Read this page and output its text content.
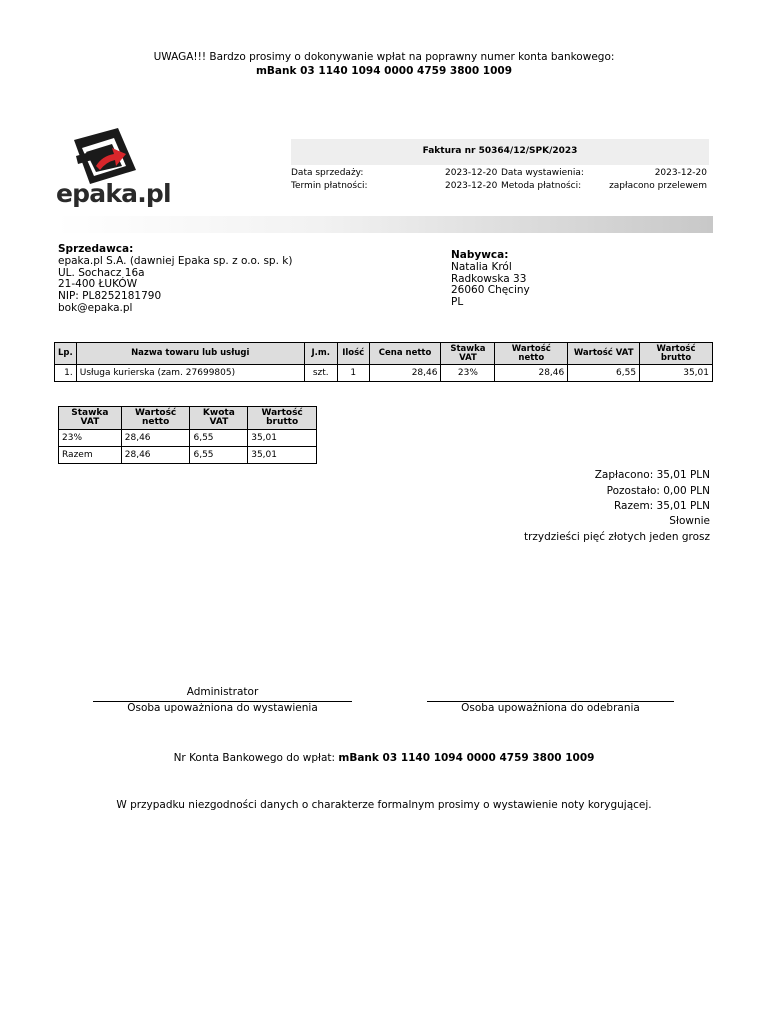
UWAGA!!! Bardzo prosimy o dokonywanie wpłat na poprawny numer konta bankowego:
mBank 03 1140 1094 0000 4759 3800 1009
epaka.pl
Faktura nr 50364/12/SPK/2023
Data sprzedaży:	2023-12-20 Data wystawienia:	2023-12-20
Termin płatności:	2023-12-20 Metoda płatności:	zapłacono przelewem
Sprzedawca:
epaka.pl S.A. (dawniej Epaka sp. z o.o. sp. k)
UL. Sochacz 16a
21-400 ŁUKÓW
NIP: PL8252181790
bok@epaka.pl
Nabywca:
Natalia Król
Radkowska 33
26060 Chęciny
PL
Lp.	Nazwa towaru lub usługi	J.m.	Ilość	Cena netto	Stawka VAT	Wartość netto	Wartość VAT	Wartość brutto
1.	Usługa kurierska (zam. 27699805)	szt.	1	28,46	23%	28,46	6,55	35,01
Stawka VAT	Wartość netto	Kwota VAT	Wartość brutto
23%	28,46	6,55	35,01
Razem	28,46	6,55	35,01
Zapłacono: 35,01 PLN
Pozostało: 0,00 PLN
Razem: 35,01 PLN
Słownie
trzydzieści pięć złotych jeden grosz
Administrator
Osoba upoważniona do wystawienia	Osoba upoważniona do odebrania
Nr Konta Bankowego do wpłat: mBank 03 1140 1094 0000 4759 3800 1009
W przypadku niezgodności danych o charakterze formalnym prosimy o wystawienie noty korygującej.
